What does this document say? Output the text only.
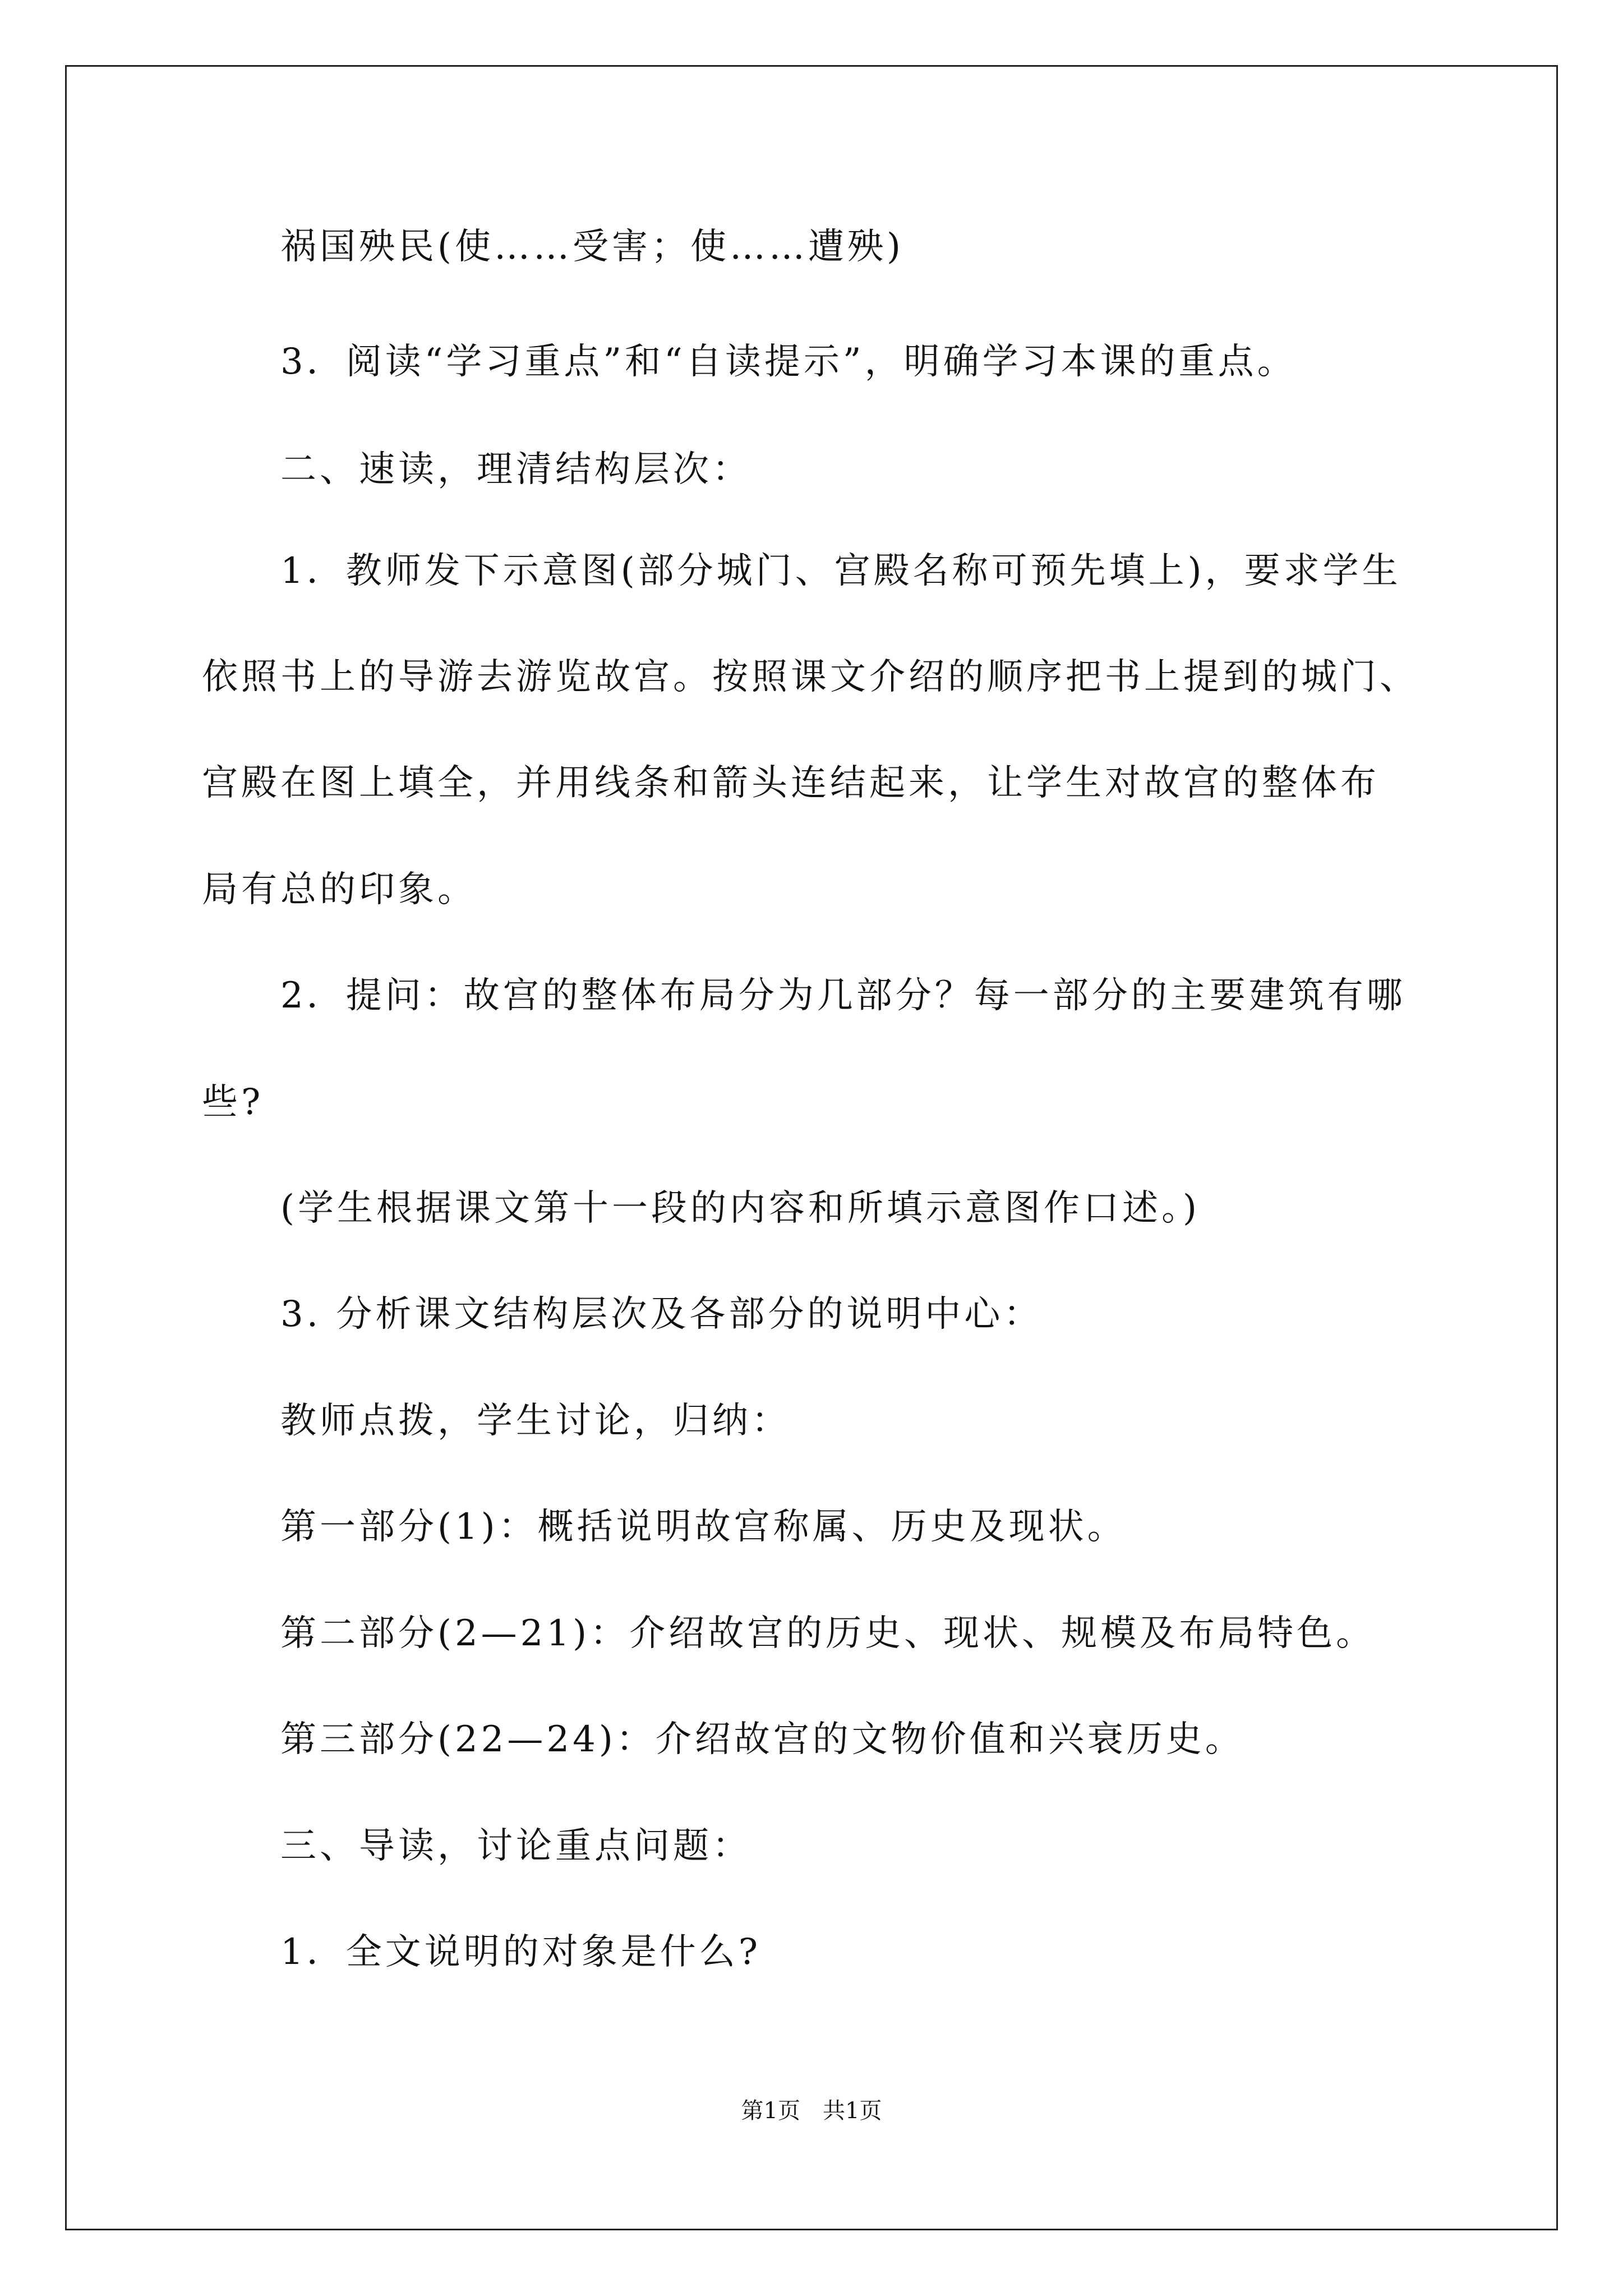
祸国殃民(使……受害；使……遭殃)
3．阅读“学习重点”和“自读提示”，明确学习本课的重点。
二、速读，理清结构层次：
1．教师发下示意图(部分城门、宫殿名称可预先填上)，要求学生
依照书上的导游去游览故宫。按照课文介绍的顺序把书上提到的城门、
宫殿在图上填全，并用线条和箭头连结起来，让学生对故宫的整体布
局有总的印象。
2．提问：故宫的整体布局分为几部分？每一部分的主要建筑有哪
些?
(学生根据课文第十一段的内容和所填示意图作口述。)
3. 分析课文结构层次及各部分的说明中心：
教师点拨，学生讨论，归纳：
第一部分(1)：概括说明故宫称属、历史及现状。
第二部分(2—21)：介绍故宫的历史、现状、规模及布局特色。
第三部分(22—24)：介绍故宫的文物价值和兴衰历史。
三、导读，讨论重点问题：
1．全文说明的对象是什么?
第1页　共1页
